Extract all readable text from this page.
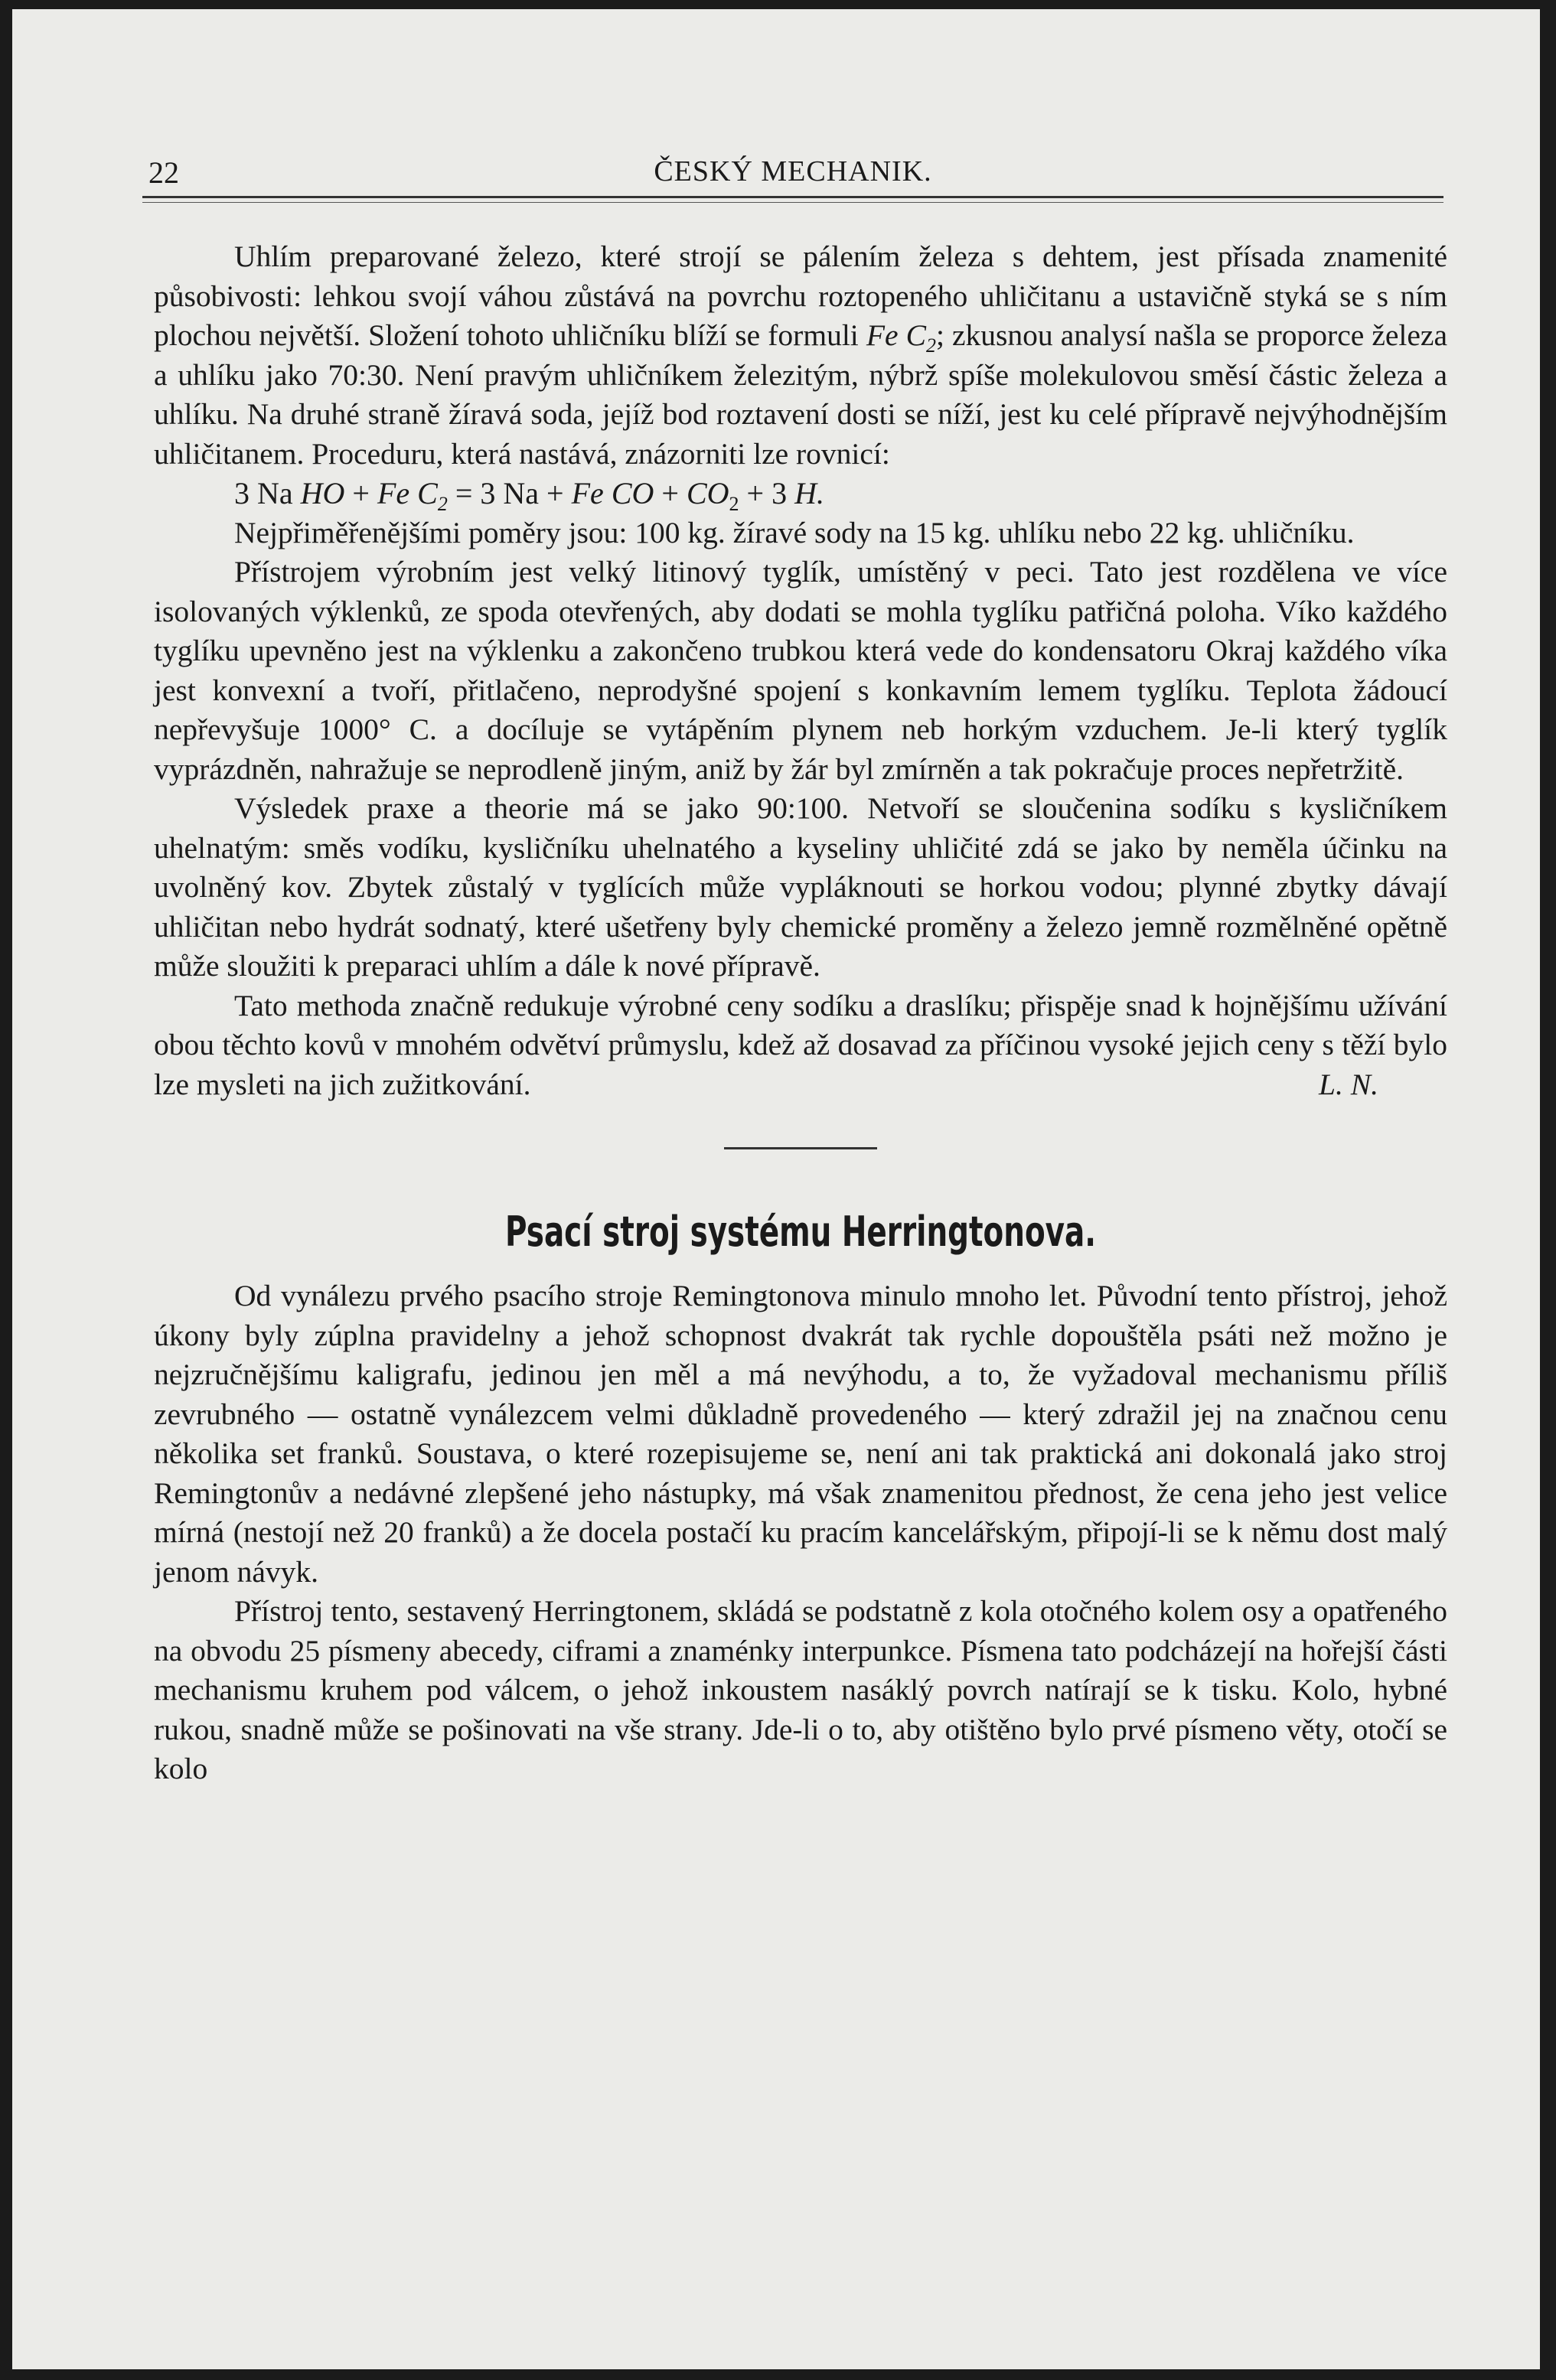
22	ČESKÝ MECHANIK.

Uhlím preparované železo, které strojí se pálením železa s dehtem, jest přísada znamenité působivosti: lehkou svojí váhou zůstává na povrchu roztopeného uhličitanu a ustavičně styká se s ním plochou největší. Složení tohoto uhličníku blíží se formuli Fe $C_2$; zkusnou analysí našla se proporce železa a uhlíku jako 70:30. Není pravým uhličníkem železitým, nýbrž spíše molekulovou směsí částic železa a uhlíku. Na druhé straně žíravá soda, jejíž bod roztavení dosti se níží, jest ku celé přípravě nejvýhodnějším uhličitanem. Proceduru, která nastává, znázorniti lze rovnicí:

3 Na HO + Fe $C_2 = 3$ Na + Fe CO + $CO_2 + 3$ H.

Nejpřiměřenějšími poměry jsou: 100 kg. žíravé sody na 15 kg. uhlíku nebo 22 kg. uhličníku.

Přístrojem výrobním jest velký litinový tyglík, umístěný v peci. Tato jest rozdělena ve více isolovaných výklenků, ze spoda otevřených, aby dodati se mohla tyglíku patřičná poloha. Víko každého tyglíku upevněno jest na výklenku a zakončeno trubkou která vede do kondensatoru Okraj každého víka jest konvexní a tvoří, přitlačeno, neprodyšné spojení s konkavním lemem tyglíku. Teplota žádoucí nepřevyšuje 1000° C. a docíluje se vytápěním plynem neb horkým vzduchem. Je-li který tyglík vyprázdněn, nahražuje se neprodleně jiným, aniž by žár byl zmírněn a tak pokračuje proces nepřetržitě.

Výsledek praxe a theorie má se jako 90:100. Netvoří se sloučenina sodíku s kysličníkem uhelnatým: směs vodíku, kysličníku uhelnatého a kyseliny uhličité zdá se jako by neměla účinku na uvolněný kov. Zbytek zůstalý v tyglících může vypláknouti se horkou vodou; plynné zbytky dávají uhličitan nebo hydrát sodnatý, které ušetřeny byly chemické proměny a železo jemně rozmělněné opětně může sloužiti k preparaci uhlím a dále k nové přípravě.

Tato methoda značně redukuje výrobné ceny sodíku a draslíku; přispěje snad k hojnějšímu užívání obou těchto kovů v mnohém odvětví průmyslu, kdež až dosavad za příčinou vysoké jejich ceny s těží bylo lze mysleti na jich zužitkování.	L. N.

Psací stroj systému Herringtonova.

Od vynálezu prvého psacího stroje Remingtonova minulo mnoho let. Původní tento přístroj, jehož úkony byly zúplna pravidelny a jehož schopnost dvakrát tak rychle dopouštěla psáti než možno je nejzručnějšímu kaligrafu, jedinou jen měl a má nevýhodu, a to, že vyžadoval mechanismu příliš zevrubného — ostatně vynálezcem velmi důkladně provedeného — který zdražil jej na značnou cenu několika set franků. Soustava, o které rozepisujeme se, není ani tak praktická ani dokonalá jako stroj Remingtonův a nedávné zlepšené jeho nástupky, má však znamenitou přednost, že cena jeho jest velice mírná (nestojí než 20 franků) a že docela postačí ku pracím kancelářským, připojí-li se k němu dost malý jenom návyk.

Přístroj tento, sestavený Herringtonem, skládá se podstatně z kola otočného kolem osy a opatřeného na obvodu 25 písmeny abecedy, ciframi a znaménky interpunkce. Písmena tato podcházejí na hořejší části mechanismu kruhem pod válcem, o jehož inkoustem nasáklý povrch natírají se k tisku. Kolo, hybné rukou, snadně může se pošinovati na vše strany. Jde-li o to, aby otištěno bylo prvé písmeno věty, otočí se kolo
